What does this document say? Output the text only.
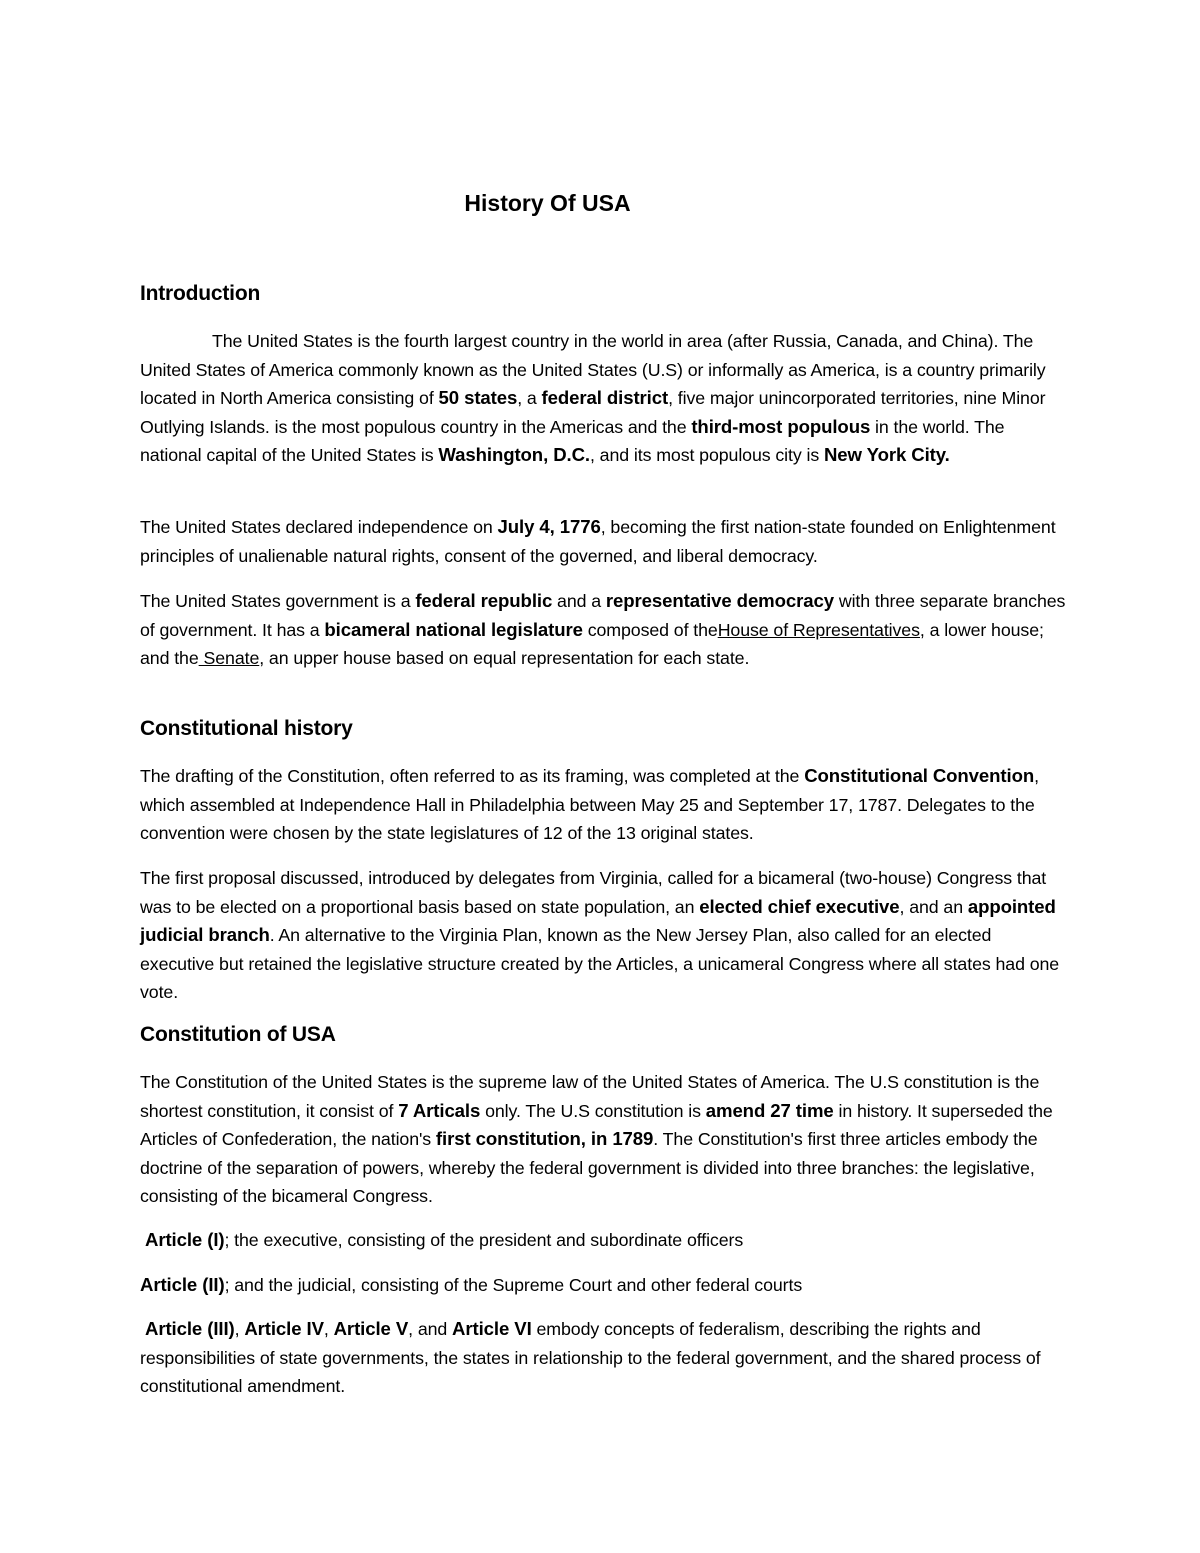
History Of USA
Introduction

The United States is the fourth largest country in the world in area (after Russia, Canada, and China). The United States of America commonly known as the United States (U.S) or informally as America, is a country primarily located in North America consisting of 50 states, a federal district, five major unincorporated territories, nine Minor Outlying Islands. is the most populous country in the Americas and the third-most populous in the world. The national capital of the United States is Washington, D.C., and its most populous city is New York City.

The United States declared independence on July 4, 1776, becoming the first nation-state founded on Enlightenment principles of unalienable natural rights, consent of the governed, and liberal democracy.

The United States government is a federal republic and a representative democracy with three separate branches of government. It has a bicameral national legislature composed of theHouse of Representatives, a lower house; and the Senate, an upper house based on equal representation for each state.

Constitutional history

The drafting of the Constitution, often referred to as its framing, was completed at the Constitutional Convention, which assembled at Independence Hall in Philadelphia between May 25 and September 17, 1787. Delegates to the convention were chosen by the state legislatures of 12 of the 13 original states.

The first proposal discussed, introduced by delegates from Virginia, called for a bicameral (two-house) Congress that was to be elected on a proportional basis based on state population, an elected chief executive, and an appointed judicial branch. An alternative to the Virginia Plan, known as the New Jersey Plan, also called for an elected executive but retained the legislative structure created by the Articles, a unicameral Congress where all states had one vote.

Constitution of USA

The Constitution of the United States is the supreme law of the United States of America. The U.S constitution is the shortest constitution, it consist of 7 Articals only. The U.S constitution is amend 27 time in history. It superseded the Articles of Confederation, the nation's first constitution, in 1789. The Constitution's first three articles embody the doctrine of the separation of powers, whereby the federal government is divided into three branches: the legislative, consisting of the bicameral Congress.

Article (I); the executive, consisting of the president and subordinate officers

Article (II); and the judicial, consisting of the Supreme Court and other federal courts

Article (III), Article IV, Article V, and Article VI embody concepts of federalism, describing the rights and responsibilities of state governments, the states in relationship to the federal government, and the shared process of constitutional amendment.
